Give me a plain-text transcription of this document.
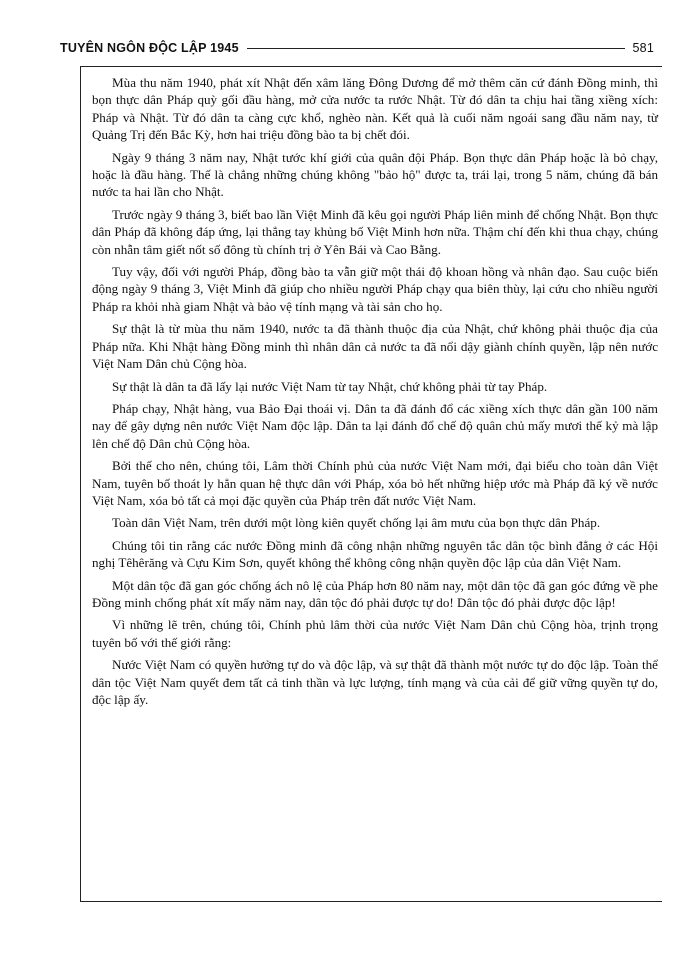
TUYÊN NGÔN ĐỘC LẬP 1945	581

Mùa thu năm 1940, phát xít Nhật đến xâm lăng Đông Dương để mở thêm căn cứ đánh Đồng minh, thì bọn thực dân Pháp quỳ gối đầu hàng, mở cửa nước ta rước Nhật. Từ đó dân ta chịu hai tầng xiềng xích: Pháp và Nhật. Từ đó dân ta càng cực khổ, nghèo nàn. Kết quả là cuối năm ngoái sang đầu năm nay, từ Quảng Trị đến Bắc Kỳ, hơn hai triệu đồng bào ta bị chết đói.

Ngày 9 tháng 3 năm nay, Nhật tước khí giới của quân đội Pháp. Bọn thực dân Pháp hoặc là bỏ chạy, hoặc là đầu hàng. Thế là chẳng những chúng không "bảo hộ" được ta, trái lại, trong 5 năm, chúng đã bán nước ta hai lần cho Nhật.

Trước ngày 9 tháng 3, biết bao lần Việt Minh đã kêu gọi người Pháp liên minh để chống Nhật. Bọn thực dân Pháp đã không đáp ứng, lại thẳng tay khủng bố Việt Minh hơn nữa. Thậm chí đến khi thua chạy, chúng còn nhẫn tâm giết nốt số đông tù chính trị ở Yên Bái và Cao Bằng.

Tuy vậy, đối với người Pháp, đồng bào ta vẫn giữ một thái độ khoan hồng và nhân đạo. Sau cuộc biến động ngày 9 tháng 3, Việt Minh đã giúp cho nhiều người Pháp chạy qua biên thùy, lại cứu cho nhiều người Pháp ra khỏi nhà giam Nhật và bảo vệ tính mạng và tài sản cho họ.

Sự thật là từ mùa thu năm 1940, nước ta đã thành thuộc địa của Nhật, chứ không phải thuộc địa của Pháp nữa. Khi Nhật hàng Đồng minh thì nhân dân cả nước ta đã nổi dậy giành chính quyền, lập nên nước Việt Nam Dân chủ Cộng hòa.

Sự thật là dân ta đã lấy lại nước Việt Nam từ tay Nhật, chứ không phải từ tay Pháp.

Pháp chạy, Nhật hàng, vua Bảo Đại thoái vị. Dân ta đã đánh đổ các xiềng xích thực dân gần 100 năm nay để gây dựng nên nước Việt Nam độc lập. Dân ta lại đánh đổ chế độ quân chủ mấy mươi thế kỷ mà lập lên chế độ Dân chủ Cộng hòa.

Bởi thế cho nên, chúng tôi, Lâm thời Chính phủ của nước Việt Nam mới, đại biểu cho toàn dân Việt Nam, tuyên bố thoát ly hẳn quan hệ thực dân với Pháp, xóa bỏ hết những hiệp ước mà Pháp đã ký về nước Việt Nam, xóa bỏ tất cả mọi đặc quyền của Pháp trên đất nước Việt Nam.

Toàn dân Việt Nam, trên dưới một lòng kiên quyết chống lại âm mưu của bọn thực dân Pháp.

Chúng tôi tin rằng các nước Đồng minh đã công nhận những nguyên tắc dân tộc bình đẳng ở các Hội nghị Têhêrăng và Cựu Kim Sơn, quyết không thể không công nhận quyền độc lập của dân Việt Nam.

Một dân tộc đã gan góc chống ách nô lệ của Pháp hơn 80 năm nay, một dân tộc đã gan góc đứng về phe Đồng minh chống phát xít mấy năm nay, dân tộc đó phải được tự do! Dân tộc đó phải được độc lập!

Vì những lẽ trên, chúng tôi, Chính phủ lâm thời của nước Việt Nam Dân chủ Cộng hòa, trịnh trọng tuyên bố với thế giới rằng:

Nước Việt Nam có quyền hưởng tự do và độc lập, và sự thật đã thành một nước tự do độc lập. Toàn thể dân tộc Việt Nam quyết đem tất cả tinh thần và lực lượng, tính mạng và của cải để giữ vững quyền tự do, độc lập ấy.
